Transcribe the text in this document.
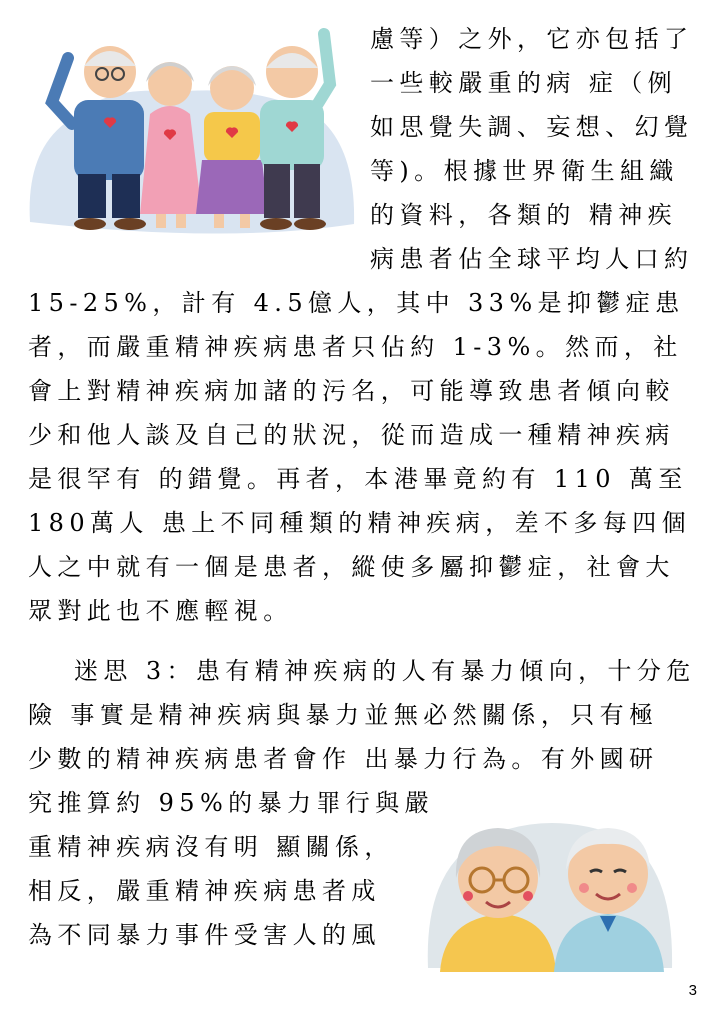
慮等）之外，它亦包括了
一些較嚴重的病 症（例
如思覺失調、妄想、幻覺
等)。根據世界衛生組織
的資料，各類的 精神疾
病患者佔全球平均人口約
15-25%，計有 4.5億人，其中 33%是抑鬱症患
者，而嚴重精神疾病患者只佔約 1-3%。然而，社
會上對精神疾病加諸的污名，可能導致患者傾向較
少和他人談及自己的狀況，從而造成一種精神疾病
是很罕有 的錯覺。再者，本港畢竟約有 110 萬至
180萬人 患上不同種類的精神疾病，差不多每四個
人之中就有一個是患者，縱使多屬抑鬱症，社會大
眾對此也不應輕視。
迷思 3：患有精神疾病的人有暴力傾向，十分危
險 事實是精神疾病與暴力並無必然關係，只有極
少數的精神疾病患者會作 出暴力行為。有外國研
究推算約 95%的暴力罪行與嚴
重精神疾病沒有明 顯關係，
相反，嚴重精神疾病患者成
為不同暴力事件受害人的風
3
